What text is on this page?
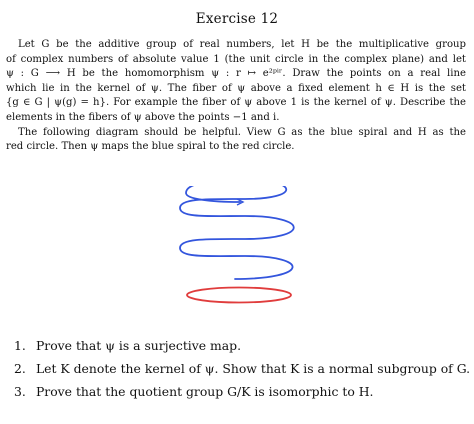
Exercise 12

Let G be the additive group of real numbers, let H be the multiplicative group
of complex numbers of absolute value 1 (the unit circle in the complex plane) and let
ψ : G ⟶ H be the homomorphism ψ : r ↦ e²ᵖⁱʳ. Draw the points on a real line
which lie in the kernel of ψ. The fiber of ψ above a fixed element h ∈ H is the set
{g ∈ G | ψ(g) = h}. For example the fiber of ψ above 1 is the kernel of ψ. Describe the
elements in the fibers of ψ above the points −1 and i.

The following diagram should be helpful. View G as the blue spiral and H as the
red circle. Then ψ maps the blue spiral to the red circle.

1. Prove that ψ is a surjective map.
2. Let K denote the kernel of ψ. Show that K is a normal subgroup of G.
3. Prove that the quotient group G/K is isomorphic to H.
